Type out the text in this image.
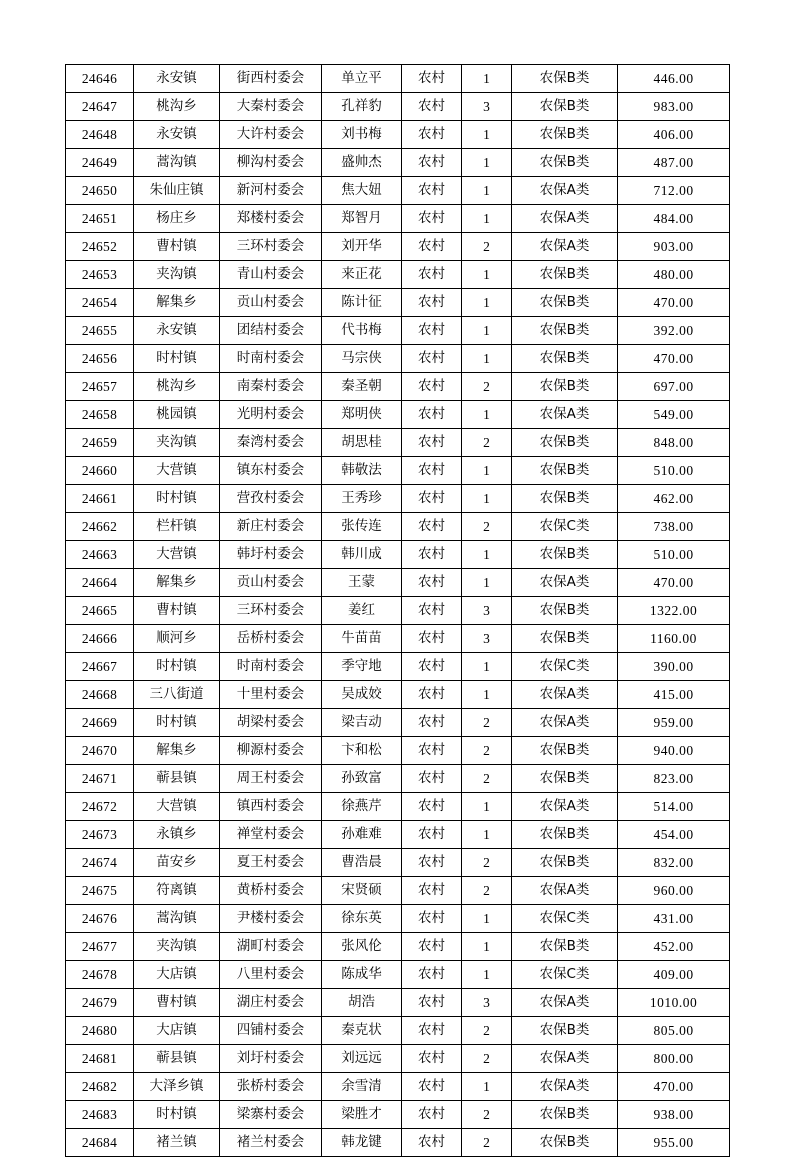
24646	永安镇	街西村委会	单立平	农村	1	农保B类	446.00
24647	桃沟乡	大秦村委会	孔祥豹	农村	3	农保B类	983.00
24648	永安镇	大许村委会	刘书梅	农村	1	农保B类	406.00
24649	蒿沟镇	柳沟村委会	盛帅杰	农村	1	农保B类	487.00
24650	朱仙庄镇	新河村委会	焦大妞	农村	1	农保A类	712.00
24651	杨庄乡	郑楼村委会	郑智月	农村	1	农保A类	484.00
24652	曹村镇	三环村委会	刘开华	农村	2	农保A类	903.00
24653	夹沟镇	青山村委会	来正花	农村	1	农保B类	480.00
24654	解集乡	贡山村委会	陈计征	农村	1	农保B类	470.00
24655	永安镇	团结村委会	代书梅	农村	1	农保B类	392.00
24656	时村镇	时南村委会	马宗侠	农村	1	农保B类	470.00
24657	桃沟乡	南秦村委会	秦圣朝	农村	2	农保B类	697.00
24658	桃园镇	光明村委会	郑明侠	农村	1	农保A类	549.00
24659	夹沟镇	秦湾村委会	胡思桂	农村	2	农保B类	848.00
24660	大营镇	镇东村委会	韩敬法	农村	1	农保B类	510.00
24661	时村镇	营孜村委会	王秀珍	农村	1	农保B类	462.00
24662	栏杆镇	新庄村委会	张传连	农村	2	农保C类	738.00
24663	大营镇	韩圩村委会	韩川成	农村	1	农保B类	510.00
24664	解集乡	贡山村委会	王蒙	农村	1	农保A类	470.00
24665	曹村镇	三环村委会	姜红	农村	3	农保B类	1322.00
24666	顺河乡	岳桥村委会	牛苗苗	农村	3	农保B类	1160.00
24667	时村镇	时南村委会	季守地	农村	1	农保C类	390.00
24668	三八街道	十里村委会	吴成姣	农村	1	农保A类	415.00
24669	时村镇	胡梁村委会	梁吉动	农村	2	农保A类	959.00
24670	解集乡	柳源村委会	卞和松	农村	2	农保B类	940.00
24671	蕲县镇	周王村委会	孙致富	农村	2	农保B类	823.00
24672	大营镇	镇西村委会	徐燕芹	农村	1	农保A类	514.00
24673	永镇乡	禅堂村委会	孙难难	农村	1	农保B类	454.00
24674	苗安乡	夏王村委会	曹浩晨	农村	2	农保B类	832.00
24675	符离镇	黄桥村委会	宋贤硕	农村	2	农保A类	960.00
24676	蒿沟镇	尹楼村委会	徐东英	农村	1	农保C类	431.00
24677	夹沟镇	湖町村委会	张风伦	农村	1	农保B类	452.00
24678	大店镇	八里村委会	陈成华	农村	1	农保C类	409.00
24679	曹村镇	湖庄村委会	胡浩	农村	3	农保A类	1010.00
24680	大店镇	四铺村委会	秦克状	农村	2	农保B类	805.00
24681	蕲县镇	刘圩村委会	刘远远	农村	2	农保A类	800.00
24682	大泽乡镇	张桥村委会	余雪清	农村	1	农保A类	470.00
24683	时村镇	梁寨村委会	梁胜才	农村	2	农保B类	938.00
24684	褚兰镇	褚兰村委会	韩龙键	农村	2	农保B类	955.00
